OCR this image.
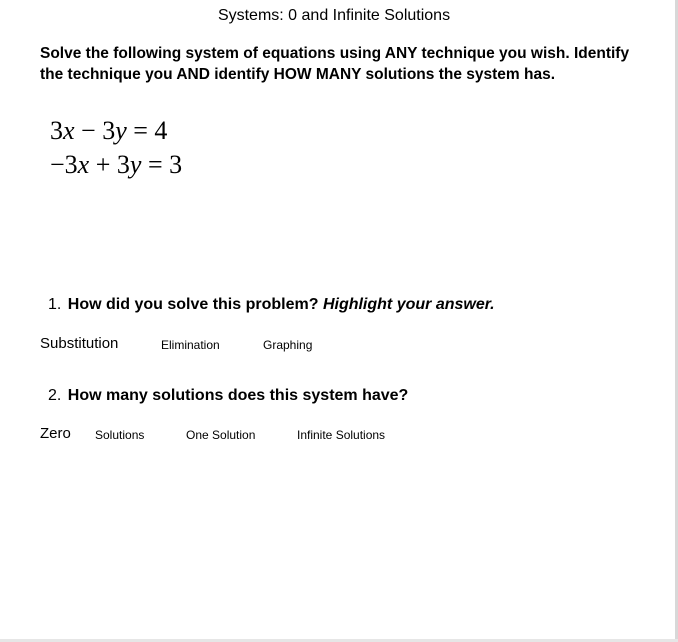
Systems: 0 and Infinite Solutions
Solve the following system of equations using ANY technique you wish. Identify the technique you AND identify HOW MANY solutions the system has.
3x − 3y = 4
−3x + 3y = 3
1. How did you solve this problem? Highlight your answer.
Substitution	Elimination	Graphing
2. How many solutions does this system have?
Zero Solutions	One Solution	Infinite Solutions
